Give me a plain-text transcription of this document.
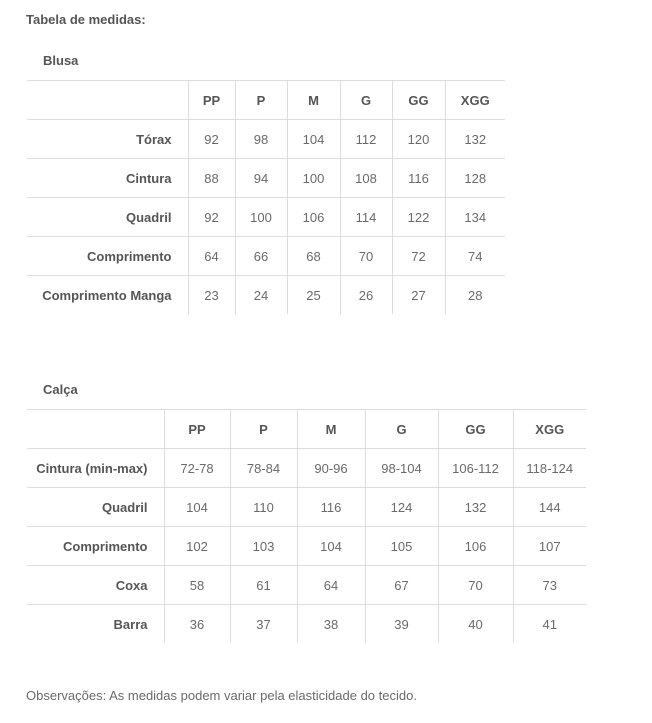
Tabela de medidas:
Blusa
	PP	P	M	G	GG	XGG
Tórax	92	98	104	112	120	132
Cintura	88	94	100	108	116	128
Quadril	92	100	106	114	122	134
Comprimento	64	66	68	70	72	74
Comprimento Manga	23	24	25	26	27	28
Calça
	PP	P	M	G	GG	XGG
Cintura (min-max)	72-78	78-84	90-96	98-104	106-112	118-124
Quadril	104	110	116	124	132	144
Comprimento	102	103	104	105	106	107
Coxa	58	61	64	67	70	73
Barra	36	37	38	39	40	41
Observações: As medidas podem variar pela elasticidade do tecido.
